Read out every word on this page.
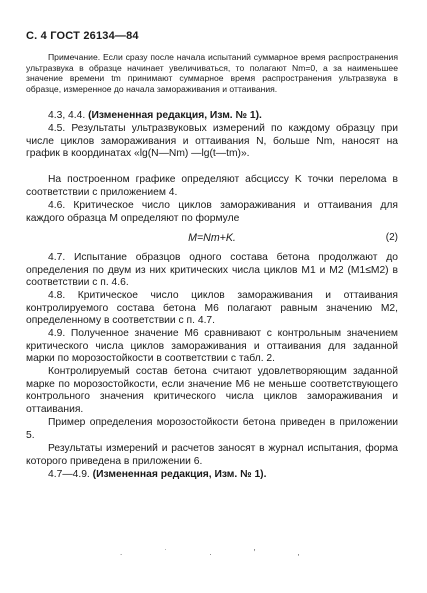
С. 4 ГОСТ 26134—84
Примечание. Если сразу после начала испытаний суммарное время распространения ультразвука в образце начинает увеличиваться, то полагают Nm=0, а за наименьшее значение времени tm принимают суммарное время распространения ультразвука в образце, измеренное до начала замораживания и оттаивания.
4.3, 4.4. (Измененная редакция, Изм. № 1).
4.5. Результаты ультразвуковых измерений по каждому образцу при числе циклов замораживания и оттаивания N, больше Nm, наносят на график в координатах «lg(N—Nm) —lg(t—tm)».
На построенном графике определяют абсциссу K точки перелома в соответствии с приложением 4.
4.6. Критическое число циклов замораживания и оттаивания для каждого образца M определяют по формуле
M=Nm+K.	(2)
4.7. Испытание образцов одного состава бетона продолжают до определения по двум из них критических числа циклов M1 и M2 (M1≤M2) в соответствии с п. 4.6.
4.8. Критическое число циклов замораживания и оттаивания контролируемого состава бетона M6 полагают равным значению M2, определенному в соответствии с п. 4.7.
4.9. Полученное значение M6 сравнивают с контрольным значением критического числа циклов замораживания и оттаивания для заданной марки по морозостойкости в соответствии с табл. 2.
Контролируемый состав бетона считают удовлетворяющим заданной марке по морозостойкости, если значение M6 не меньше соответствующего контрольного значения критического числа циклов замораживания и оттаивания.
Пример определения морозостойкости бетона приведен в приложении 5.
Результаты измерений и расчетов заносят в журнал испытания, форма которого приведена в приложении 6.
4.7—4.9. (Измененная редакция, Изм. № 1).
. ˙ . ′ ,
